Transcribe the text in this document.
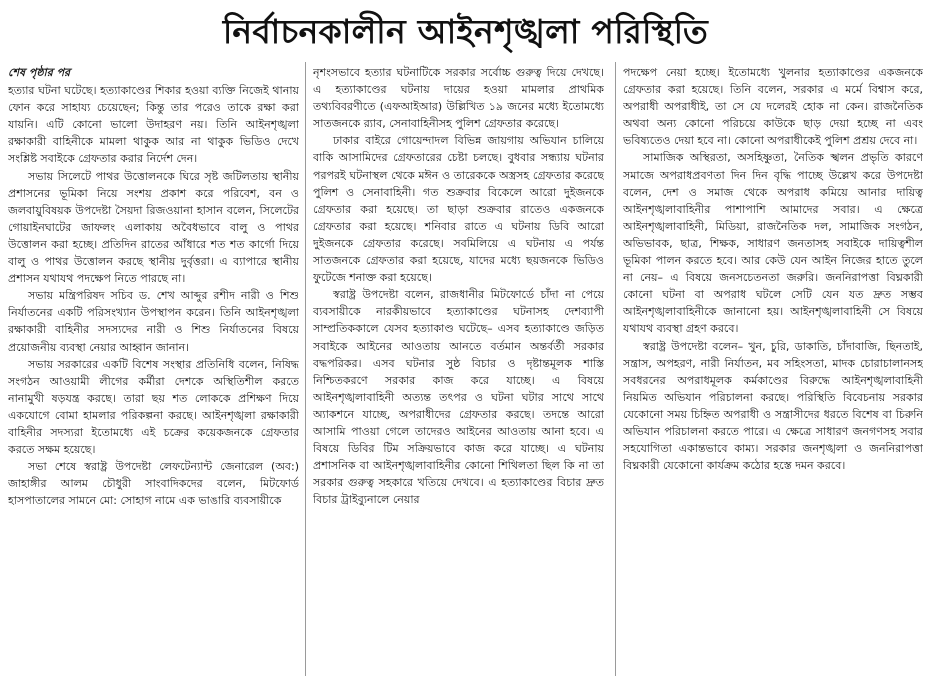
নির্বাচনকালীন আইনশৃঙ্খলা পরিস্থিতি
শেষ পৃষ্ঠার পর

হত্যার ঘটনা ঘটেছে। হত্যাকাণ্ডের শিকার হওয়া ব্যক্তি নিজেই থানায় ফোন করে সাহায্য চেয়েছেন; কিন্তু তার পরেও তাকে রক্ষা করা যায়নি। এটি কোনো ভালো উদাহরণ নয়। তিনি আইনশৃঙ্খলা রক্ষাকারী বাহিনীকে মামলা থাকুক আর না থাকুক ভিডিও দেখে সংশ্লিষ্ট সবাইকে গ্রেফতার করার নির্দেশ দেন।

সভায় সিলেটে পাথর উত্তোলনকে ঘিরে সৃষ্ট জটিলতায় স্থানীয় প্রশাসনের ভূমিকা নিয়ে সংশয় প্রকাশ করে পরিবেশ, বন ও জলবায়ুবিষয়ক উপদেষ্টা সৈয়দা রিজওয়ানা হাসান বলেন, সিলেটের গোয়াইনঘাটের জাফলং এলাকায় অবৈধভাবে বালু ও পাথর উত্তোলন করা হচ্ছে। প্রতিদিন রাতের আঁধারে শত শত কার্গো দিয়ে বালু ও পাথর উত্তোলন করছে স্থানীয় দুর্বৃত্তরা। এ ব্যাপারে স্থানীয় প্রশাসন যথাযথ পদক্ষেপ নিতে পারছে না।

সভায় মন্ত্রিপরিষদ সচিব ড. শেখ আব্দুর রশীদ নারী ও শিশু নির্যাতনের একটি পরিসংখ্যান উপস্থাপন করেন। তিনি আইনশৃঙ্খলা রক্ষাকারী বাহিনীর সদস্যদের নারী ও শিশু নির্যাতনের বিষয়ে প্রয়োজনীয় ব্যবস্থা নেয়ার আহ্বান জানান।

সভায় সরকারের একটি বিশেষ সংস্থার প্রতিনিধি বলেন, নিষিদ্ধ সংগঠন আওয়ামী লীগের কর্মীরা দেশকে অস্থিতিশীল করতে নানামুখী ষড়যন্ত্র করছে। তারা ছয় শত লোককে প্রশিক্ষণ দিয়ে একযোগে বোমা হামলার পরিকল্পনা করছে। আইনশৃঙ্খলা রক্ষাকারী বাহিনীর সদস্যরা ইতোমধ্যে এই চক্রের কয়েকজনকে গ্রেফতার করতে সক্ষম হয়েছে।

সভা শেষে স্বরাষ্ট্র উপদেষ্টা লেফটেন্যান্ট জেনারেল (অব:) জাহাঙ্গীর আলম চৌধুরী সাংবাদিকদের বলেন, মিটফোর্ড হাসপাতালের সামনে মো: সোহাগ নামে এক ভাঙারি ব্যবসায়ীকে

নৃশংসভাবে হত্যার ঘটনাটিকে সরকার সর্বোচ্চ গুরুত্ব দিয়ে দেখছে। এ হত্যাকাণ্ডের ঘটনায় দায়ের হওয়া মামলার প্রাথমিক তথ্যবিবরণীতে (এফআইআর) উল্লিখিত ১৯ জনের মধ্যে ইতোমধ্যে সাতজনকে র‍্যাব, সেনাবাহিনীসহ পুলিশ গ্রেফতার করেছে।

ঢাকার বাইরে গোয়েন্দাদল বিভিন্ন জায়গায় অভিযান চালিয়ে বাকি আসামিদের গ্রেফতারের চেষ্টা চলছে। বুধবার সন্ধ্যায় ঘটনার পরপরই ঘটনাস্থল থেকে মঈন ও তারেককে অস্ত্রসহ গ্রেফতার করেছে পুলিশ ও সেনাবাহিনী। গত শুক্রবার বিকেলে আরো দুইজনকে গ্রেফতার করা হয়েছে। তা ছাড়া শুক্রবার রাতেও একজনকে গ্রেফতার করা হয়েছে। শনিবার রাতে এ ঘটনায় ডিবি আরো দুইজনকে গ্রেফতার করেছে। সবমিলিয়ে এ ঘটনায় এ পর্যন্ত সাতজনকে গ্রেফতার করা হয়েছে, যাদের মধ্যে ছয়জনকে ভিডিও ফুটেজে শনাক্ত করা হয়েছে।

স্বরাষ্ট্র উপদেষ্টা বলেন, রাজধানীর মিটফোর্ডে চাঁদা না পেয়ে ব্যবসায়ীকে নারকীয়ভাবে হত্যাকাণ্ডের ঘটনাসহ দেশব্যাপী সাম্প্রতিককালে যেসব হত্যাকাণ্ড ঘটেছে– এসব হত্যাকাণ্ডে জড়িত সবাইকে আইনের আওতায় আনতে বর্তমান অন্তর্বর্তী সরকার বদ্ধপরিকর। এসব ঘটনার সুষ্ঠ বিচার ও দৃষ্টান্তমূলক শাস্তি নিশ্চিতকরণে সরকার কাজ করে যাচ্ছে। এ বিষয়ে আইনশৃঙ্খলাবাহিনী অত্যন্ত তৎপর ও ঘটনা ঘটার সাথে সাথে অ্যাকশনে যাচ্ছে, অপরাধীদের গ্রেফতার করছে। তদন্তে আরো আসামি পাওয়া গেলে তাদেরও আইনের আওতায় আনা হবে। এ বিষয়ে ডিবির টিম সক্রিয়ভাবে কাজ করে যাচ্ছে। এ ঘটনায় প্রশাসনিক বা আইনশৃঙ্খলাবাহিনীর কোনো শিথিলতা ছিল কি না তা সরকার গুরুত্ব সহকারে খতিয়ে দেখবে। এ হত্যাকাণ্ডের বিচার দ্রুত বিচার ট্রাইব্যুনালে নেয়ার

পদক্ষেপ নেয়া হচ্ছে। ইতোমধ্যে খুলনার হত্যাকাণ্ডের একজনকে গ্রেফতার করা হয়েছে। তিনি বলেন, সরকার এ মর্মে বিশ্বাস করে, অপরাধী অপরাধীই, তা সে যে দলেরই হোক না কেন। রাজনৈতিক অথবা অন্য কোনো পরিচয়ে কাউকে ছাড় দেয়া হচ্ছে না এবং ভবিষ্যতেও দেয়া হবে না। কোনো অপরাধীকেই পুলিশ প্রশ্রয় দেবে না।

সামাজিক অস্থিরতা, অসহিষ্ণুতা, নৈতিক স্খলন প্রভৃতি কারণে সমাজে অপরাধপ্রবণতা দিন দিন বৃদ্ধি পাচ্ছে উল্লেখ করে উপদেষ্টা বলেন, দেশ ও সমাজ থেকে অপরাধ কমিয়ে আনার দায়িত্ব আইনশৃঙ্খলাবাহিনীর পাশাপাশি আমাদের সবার। এ ক্ষেত্রে আইনশৃঙ্খলাবাহিনী, মিডিয়া, রাজনৈতিক দল, সামাজিক সংগঠন, অভিভাবক, ছাত্র, শিক্ষক, সাধারণ জনতাসহ সবাইকে দায়িত্বশীল ভূমিকা পালন করতে হবে। আর কেউ যেন আইন নিজের হাতে তুলে না নেয়– এ বিষয়ে জনসচেতনতা জরুরি। জননিরাপত্তা বিঘ্নকারী কোনো ঘটনা বা অপরাধ ঘটলে সেটি যেন যত দ্রুত সম্ভব আইনশৃঙ্খলাবাহিনীকে জানানো হয়। আইনশৃঙ্খলাবাহিনী সে বিষয়ে যথাযথ ব্যবস্থা গ্রহণ করবে।

স্বরাষ্ট্র উপদেষ্টা বলেন– খুন, চুরি, ডাকাতি, চাঁদাবাজি, ছিনতাই, সন্ত্রাস, অপহরণ, নারী নির্যাতন, মব সহিংসতা, মাদক চোরাচালানসহ সবধরনের অপরাধমূলক কর্মকাণ্ডের বিরুদ্ধে আইনশৃঙ্খলাবাহিনী নিয়মিত অভিযান পরিচালনা করছে। পরিস্থিতি বিবেচনায় সরকার যেকোনো সময় চিহ্নিত অপরাধী ও সন্ত্রাসীদের ধরতে বিশেষ বা চিরুনি অভিযান পরিচালনা করতে পারে। এ ক্ষেত্রে সাধারণ জনগণসহ সবার সহযোগিতা একান্তভাবে কাম্য। সরকার জনশৃঙ্খলা ও জননিরাপত্তা বিঘ্নকারী যেকোনো কার্যক্রম কঠোর হস্তে দমন করবে।
